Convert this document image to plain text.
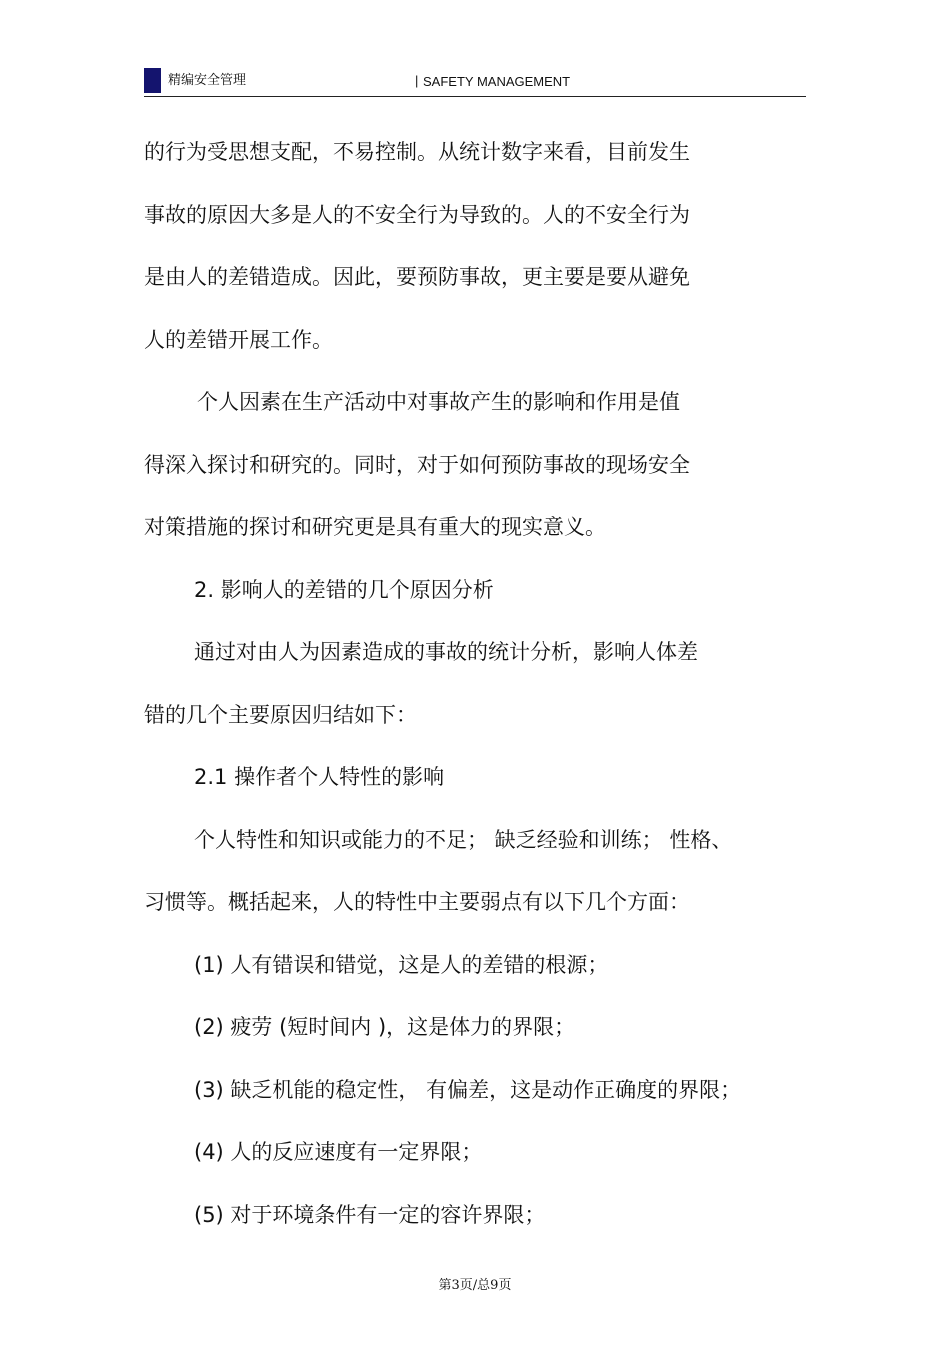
精编安全管理	| SAFETY MANAGEMENT
的行为受思想支配，不易控制。从统计数字来看，目前发生
事故的原因大多是人的不安全行为导致的。人的不安全行为
是由人的差错造成。因此，要预防事故，更主要是要从避免
人的差错开展工作。
个人因素在生产活动中对事故产生的影响和作用是值
得深入探讨和研究的。同时，对于如何预防事故的现场安全
对策措施的探讨和研究更是具有重大的现实意义。
2. 影响人的差错的几个原因分析
通过对由人为因素造成的事故的统计分析，影响人体差
错的几个主要原因归结如下：
2.1 操作者个人特性的影响
个人特性和知识或能力的不足； 缺乏经验和训练； 性格、
习惯等。概括起来，人的特性中主要弱点有以下几个方面：
(1) 人有错误和错觉，这是人的差错的根源；
(2) 疲劳 (短时间内 )，这是体力的界限；
(3) 缺乏机能的稳定性， 有偏差，这是动作正确度的界限；
(4) 人的反应速度有一定界限；
(5) 对于环境条件有一定的容许界限；
第3页/总9页
